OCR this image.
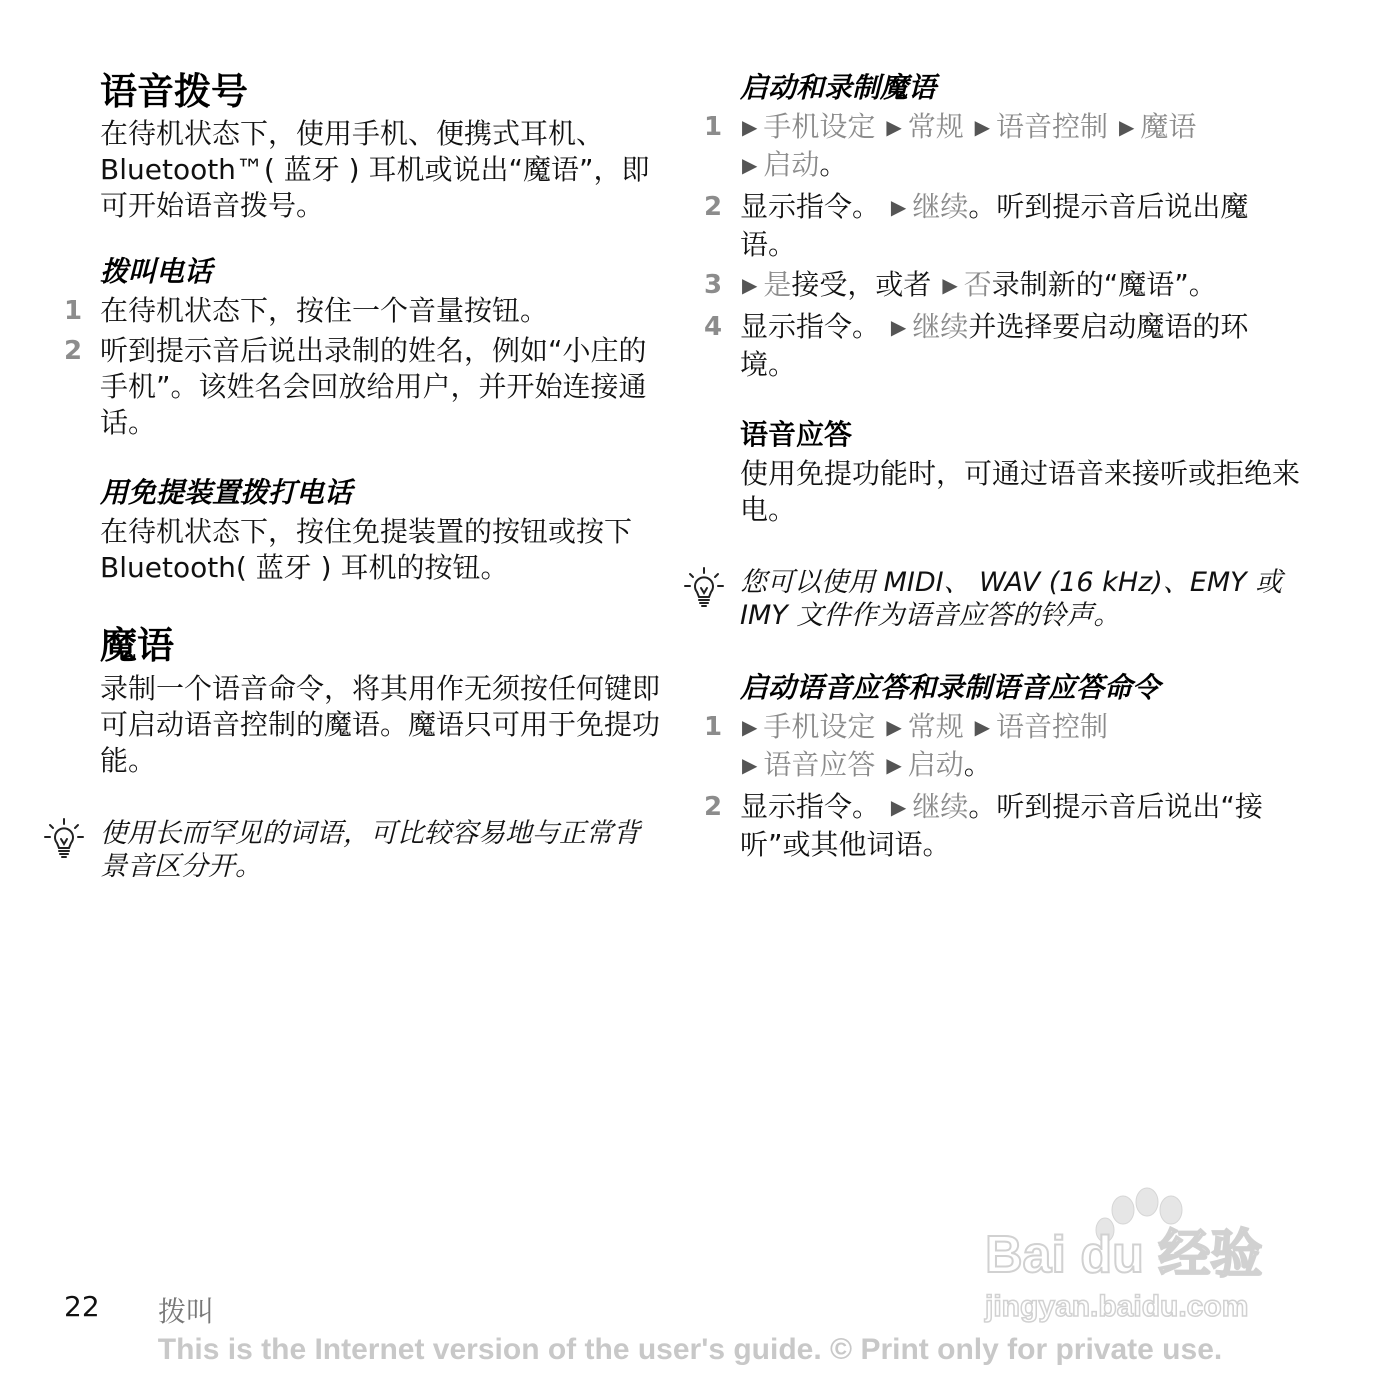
语音拨号
在待机状态下，使用手机、便携式耳机、 Bluetooth™( 蓝牙 ) 耳机或说出“魔语”，即可开始语音拨号。
拨叫电话
1 在待机状态下，按住一个音量按钮。
2 听到提示音后说出录制的姓名，例如“小庄的手机”。该姓名会回放给用户，并开始连接通话。
用免提装置拨打电话
在待机状态下，按住免提装置的按钮或按下 Bluetooth( 蓝牙 ) 耳机的按钮。
魔语
录制一个语音命令，将其用作无须按任何键即可启动语音控制的魔语。魔语只可用于免提功能。
使用长而罕见的词语，可比较容易地与正常背景音区分开。
启动和录制魔语
1 ▶ 手机设定 ▶ 常规 ▶ 语音控制 ▶ 魔语
▶ 启动。
2 显示指令。 ▶ 继续。听到提示音后说出魔语。
3 ▶ 是接受，或者 ▶ 否录制新的“魔语”。
4 显示指令。 ▶ 继续并选择要启动魔语的环境。
语音应答
使用免提功能时，可通过语音来接听或拒绝来电。
您可以使用 MIDI、 WAV (16 kHz)、EMY 或 IMY 文件作为语音应答的铃声。
启动语音应答和录制语音应答命令
1 ▶ 手机设定 ▶ 常规 ▶ 语音控制
▶ 语音应答 ▶ 启动。
2 显示指令。 ▶ 继续。听到提示音后说出“接听”或其他词语。
Bai du 经验
jingyan.baidu.com
22 拨叫
This is the Internet version of the user's guide. © Print only for private use.
